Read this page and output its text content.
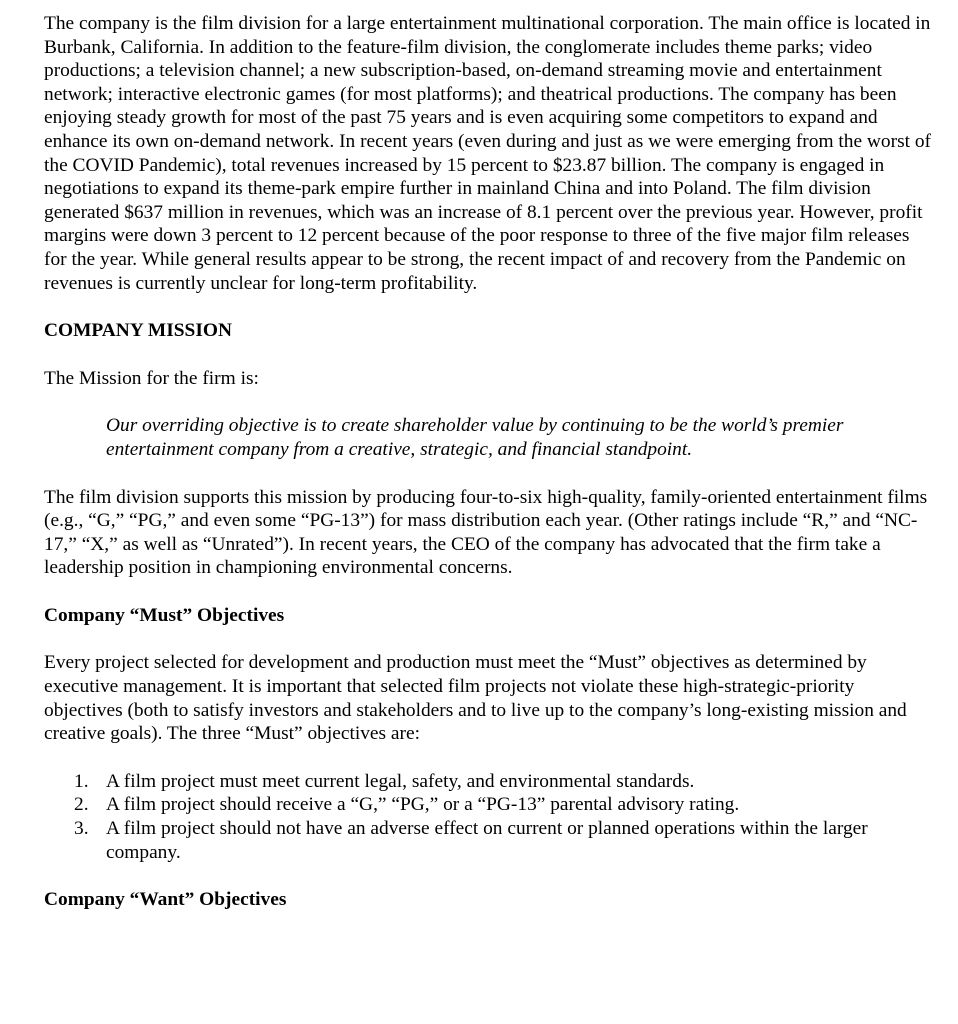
The company is the film division for a large entertainment multinational corporation. The main office is located in Burbank, California. In addition to the feature-film division, the conglomerate includes theme parks; video productions; a television channel; a new subscription-based, on-demand streaming movie and entertainment network; interactive electronic games (for most platforms); and theatrical productions. The company has been enjoying steady growth for most of the past 75 years and is even acquiring some competitors to expand and enhance its own on-demand network. In recent years (even during and just as we were emerging from the worst of the COVID Pandemic), total revenues increased by 15 percent to $23.87 billion. The company is engaged in negotiations to expand its theme-park empire further in mainland China and into Poland. The film division generated $637 million in revenues, which was an increase of 8.1 percent over the previous year. However, profit margins were down 3 percent to 12 percent because of the poor response to three of the five major film releases for the year. While general results appear to be strong, the recent impact of and recovery from the Pandemic on revenues is currently unclear for long-term profitability.

COMPANY MISSION

The Mission for the firm is:

Our overriding objective is to create shareholder value by continuing to be the world’s premier entertainment company from a creative, strategic, and financial standpoint.

The film division supports this mission by producing four-to-six high-quality, family-oriented entertainment films (e.g., “G,” “PG,” and even some “PG-13”) for mass distribution each year. (Other ratings include “R,” and “NC-17,” “X,” as well as “Unrated”). In recent years, the CEO of the company has advocated that the firm take a leadership position in championing environmental concerns.

Company “Must” Objectives

Every project selected for development and production must meet the “Must” objectives as determined by executive management. It is important that selected film projects not violate these high-strategic-priority objectives (both to satisfy investors and stakeholders and to live up to the company’s long-existing mission and creative goals). The three “Must” objectives are:

1. A film project must meet current legal, safety, and environmental standards.
2. A film project should receive a “G,” “PG,” or a “PG-13” parental advisory rating.
3. A film project should not have an adverse effect on current or planned operations within the larger company.
Company “Want” Objectives
